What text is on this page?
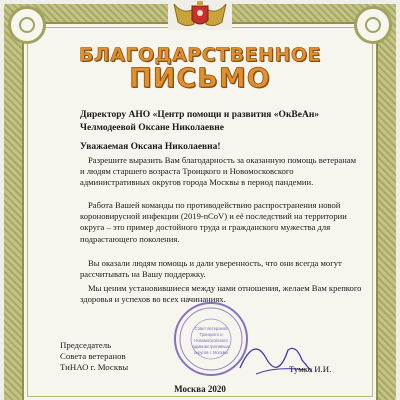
БЛАГОДАРСТВЕННОЕ
ПИСЬМО
Директору АНО «Центр помощи и развития «ОкВеАн»
Челмодеевой Оксане Николаевне
Уважаемая Оксана Николаевна!

Разрешите выразить Вам благодарность за оказанную помощь ветеранам и людям старшего возраста Троицкого и Новомосковского административных округов города Москвы в период пандемии.

Работа Вашей команды по противодействию распространения новой короновирусной инфекции (2019-nCoV) и её последствий на территории округа – это пример достойного труда и гражданского мужества для подрастающего поколения.

Вы оказали людям помощь и дали уверенность, что они всегда могут рассчитывать на Вашу поддержку.

Мы ценим установившиеся между нами отношения, желаем Вам крепкого здоровья и успехов во всех начинаниях.

Совет ветеранов
Троицкого и
Новомосковского
административных
округов г. Москвы
Председатель
Совета ветеранов
ТиНАО г. Москвы	Тумко И.И.
Москва 2020
